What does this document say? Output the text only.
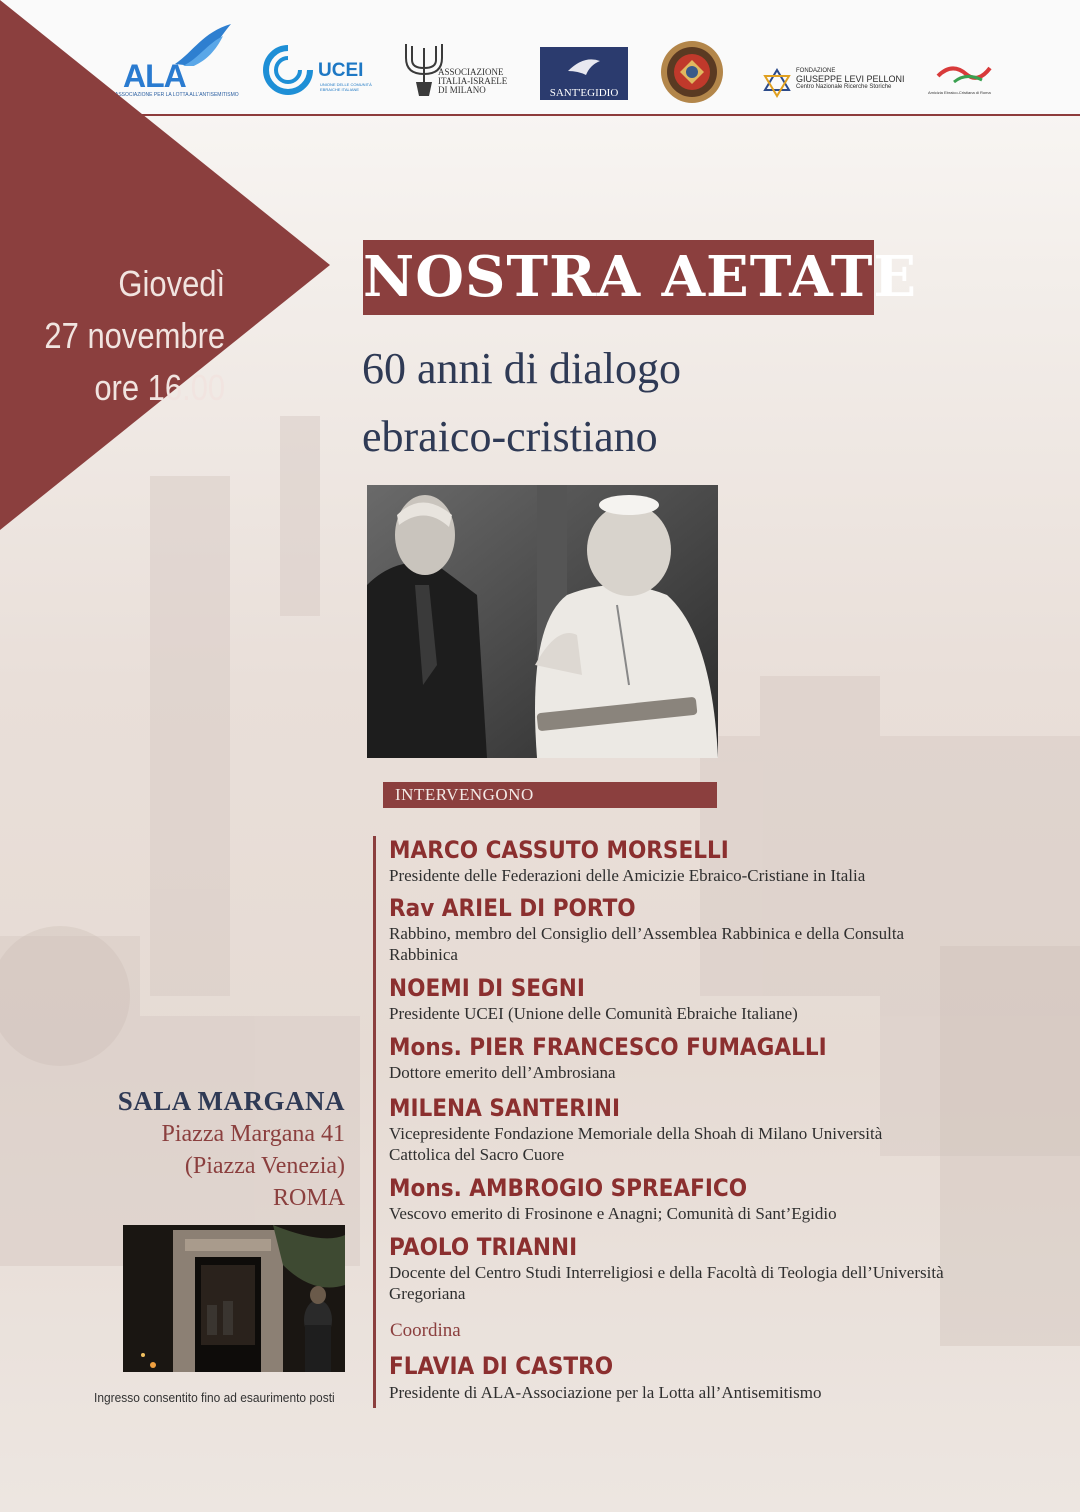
ALA
ASSOCIAZIONE PER LA LOTTA ALL'ANTISEMITISMO
UCEI
UNIONE DELLE COMUNITÀ EBRAICHE ITALIANE
ASSOCIAZIONE
ITALIA-ISRAELE
DI MILANO	SANT'EGIDIO
FONDAZIONE
GIUSEPPE LEVI PELLONI
Centro Nazionale Ricerche Storiche
Amicizia Ebraico-Cristiana di Roma
Giovedì
27 novembre
ore 16.00
NOSTRA AETATE
60 anni di dialogo
ebraico-cristiano
INTERVENGONO
MARCO CASSUTO MORSELLI
Presidente delle Federazioni delle Amicizie Ebraico-Cristiane in Italia
Rav ARIEL DI PORTO
Rabbino, membro del Consiglio dell’Assemblea Rabbinica e della Consulta Rabbinica
NOEMI DI SEGNI
Presidente UCEI (Unione delle Comunità Ebraiche Italiane)
Mons. PIER FRANCESCO FUMAGALLI
Dottore emerito dell’Ambrosiana
MILENA SANTERINI
Vicepresidente Fondazione Memoriale della Shoah di Milano Università Cattolica del Sacro Cuore
Mons. AMBROGIO SPREAFICO
Vescovo emerito di Frosinone e Anagni; Comunità di Sant’Egidio
PAOLO TRIANNI
Docente del Centro Studi Interreligiosi e della Facoltà di Teologia dell’Università Gregoriana
Coordina
FLAVIA DI CASTRO
Presidente di ALA-Associazione per la Lotta all’Antisemitismo
SALA MARGANA
Piazza Margana 41
(Piazza Venezia)
ROMA
Ingresso consentito fino ad esaurimento posti
